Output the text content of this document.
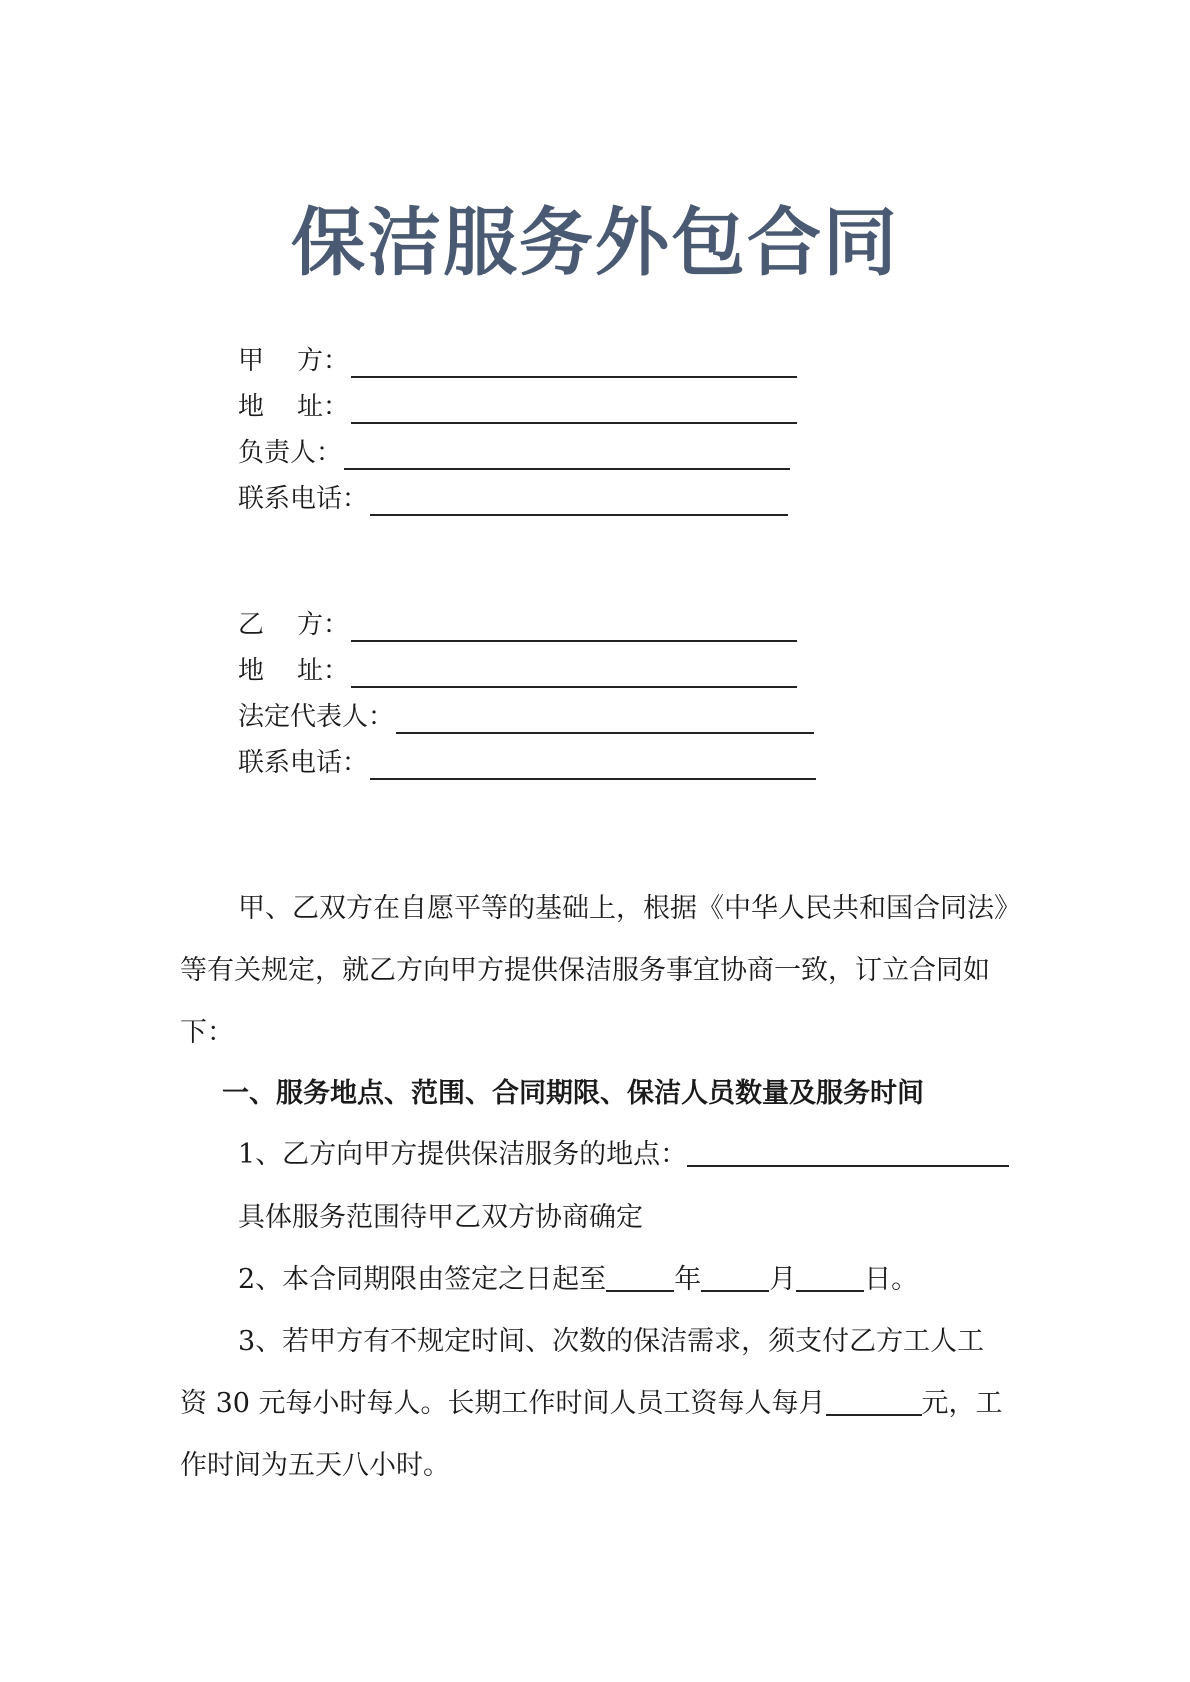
保洁服务外包合同
甲    方：
地    址：
负责人：
联系电话：
乙    方：
地    址：
法定代表人：
联系电话：
甲、乙双方在自愿平等的基础上，根据《中华人民共和国合同法》等有关规定，就乙方向甲方提供保洁服务事宜协商一致，订立合同如下：
一、服务地点、范围、合同期限、保洁人员数量及服务时间
1、乙方向甲方提供保洁服务的地点：
具体服务范围待甲乙双方协商确定
2、本合同期限由签定之日起至	年	月	日。
3、若甲方有不规定时间、次数的保洁需求，须支付乙方工人工
资 30 元每小时每人。长期工作时间人员工资每人每月	元，工
作时间为五天八小时。
